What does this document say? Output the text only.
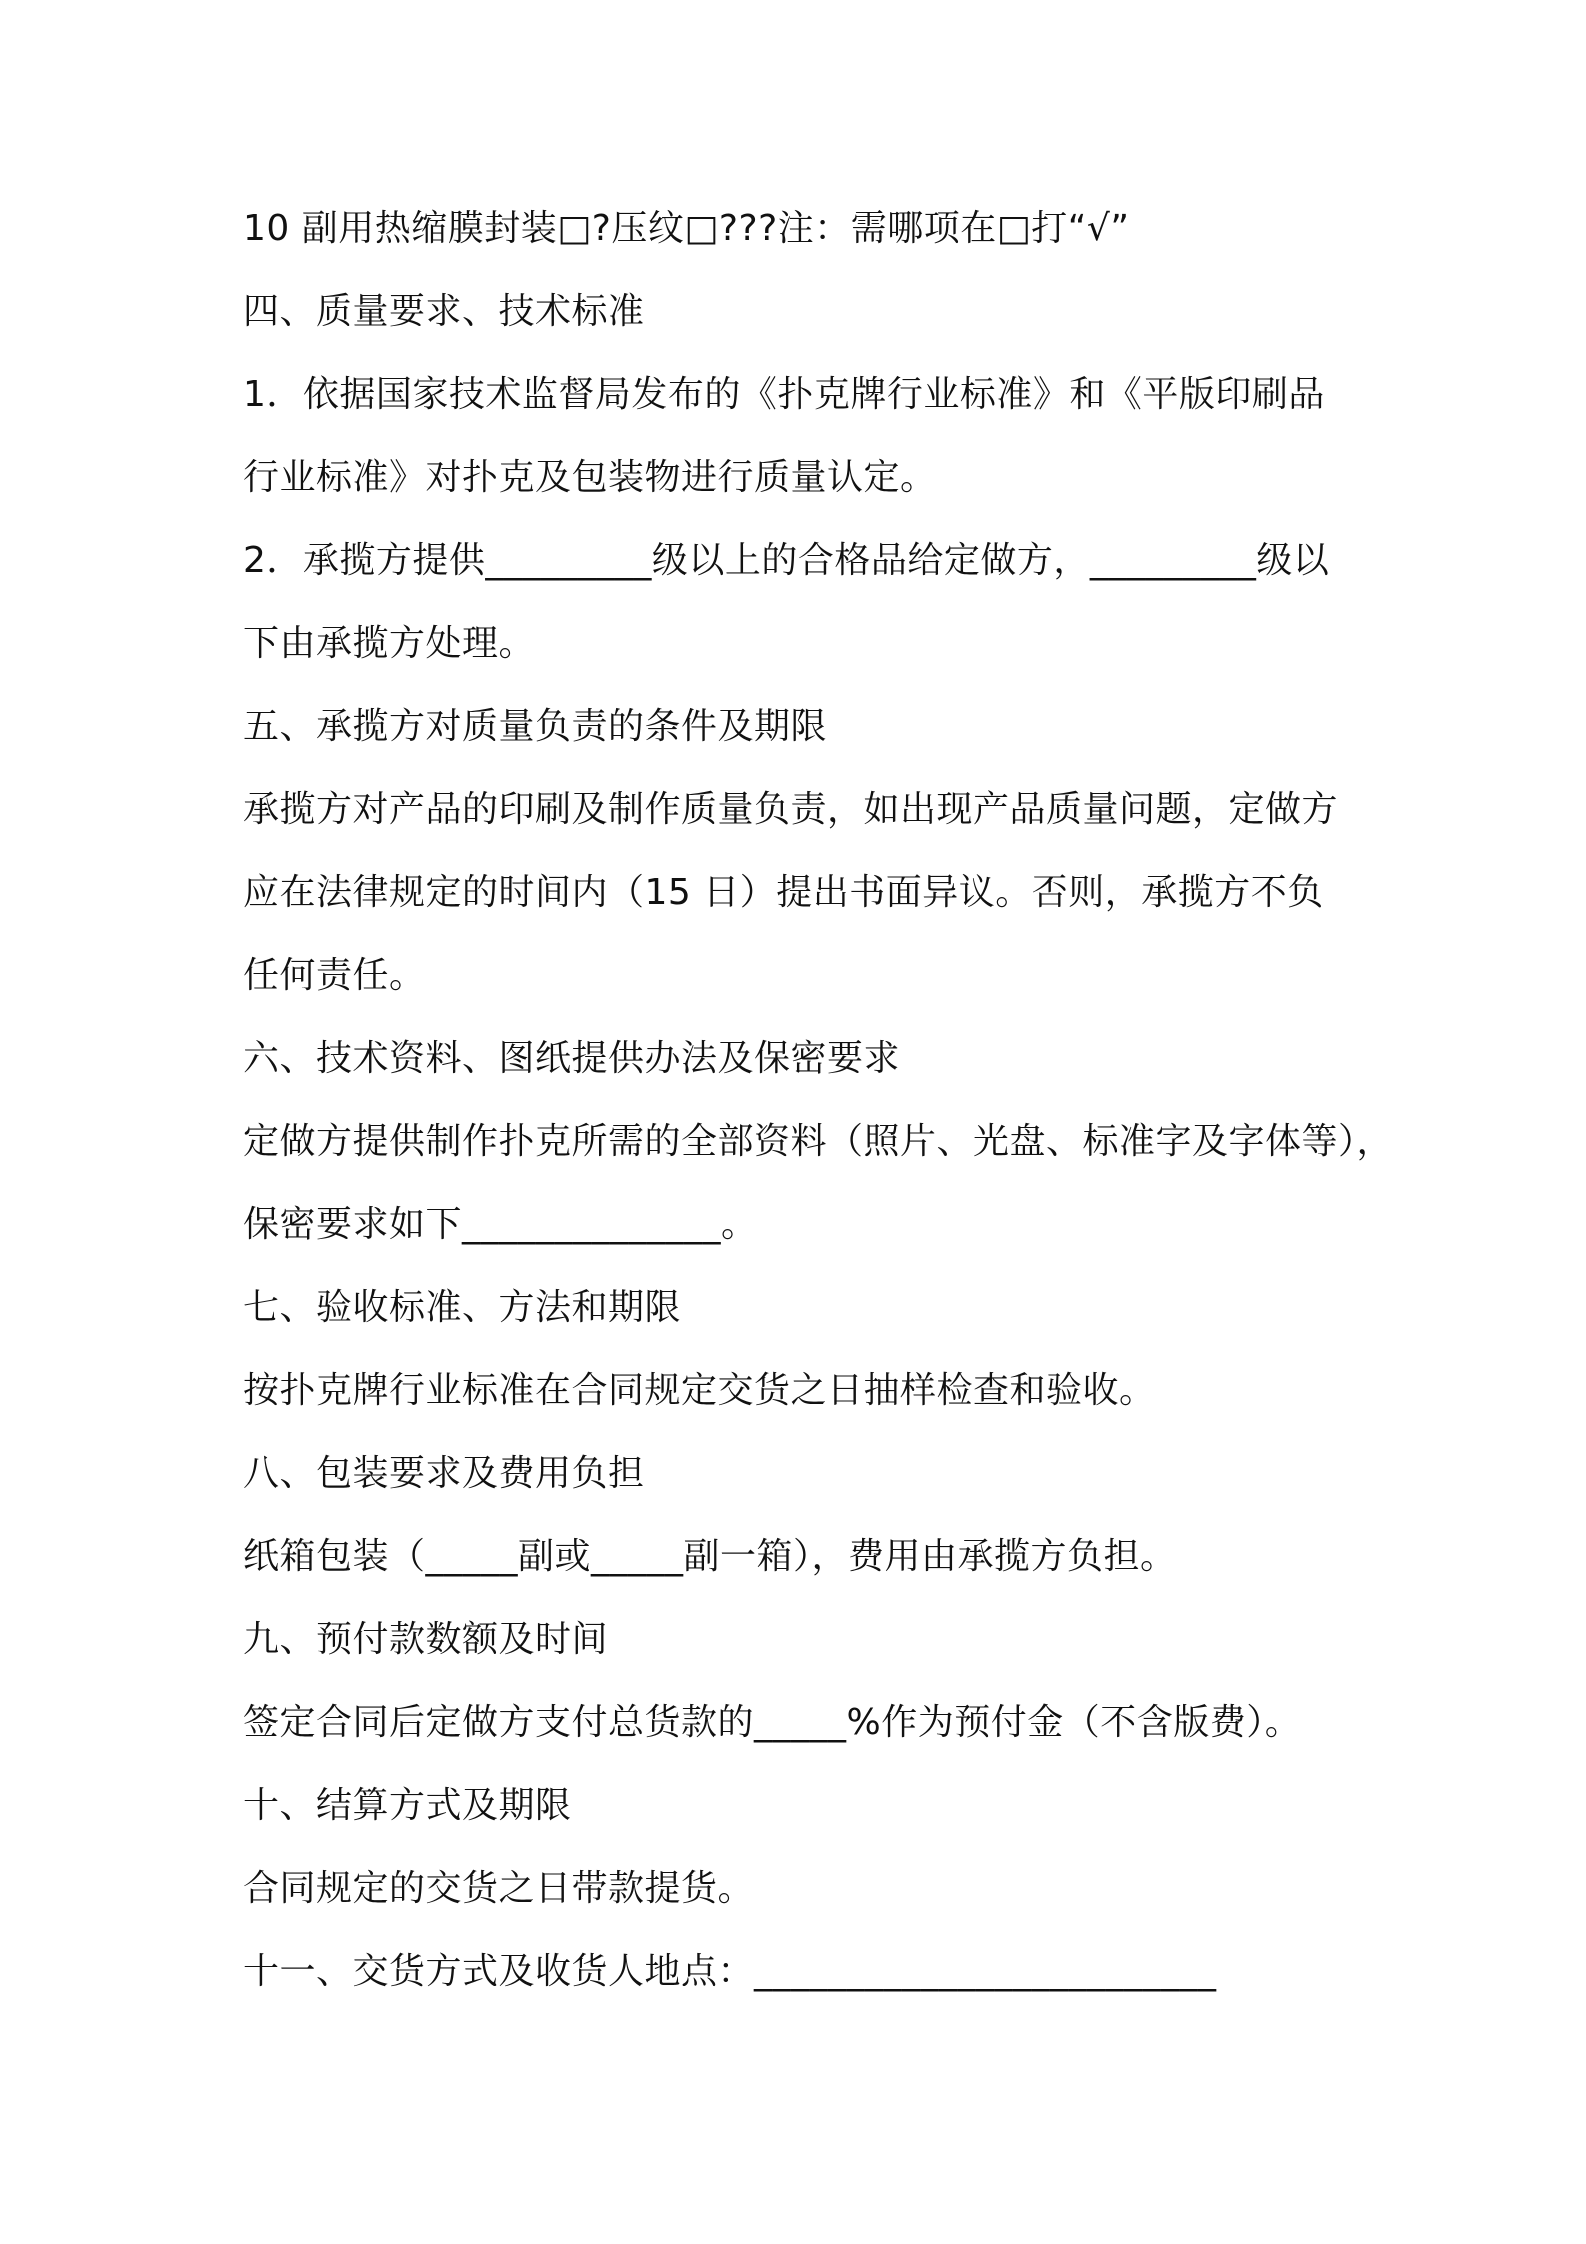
10 副用热缩膜封装□?压纹□???注：需哪项在□打“√”
四、质量要求、技术标准
1．依据国家技术监督局发布的《扑克牌行业标准》和《平版印刷品
行业标准》对扑克及包装物进行质量认定。
2．承揽方提供_________级以上的合格品给定做方，_________级以
下由承揽方处理。
五、承揽方对质量负责的条件及期限
承揽方对产品的印刷及制作质量负责，如出现产品质量问题，定做方
应在法律规定的时间内（15 日）提出书面异议。否则，承揽方不负
任何责任。
六、技术资料、图纸提供办法及保密要求
定做方提供制作扑克所需的全部资料（照片、光盘、标准字及字体等），
保密要求如下______________。
七、验收标准、方法和期限
按扑克牌行业标准在合同规定交货之日抽样检查和验收。
八、包装要求及费用负担
纸箱包装（_____副或_____副一箱），费用由承揽方负担。
九、预付款数额及时间
签定合同后定做方支付总货款的_____%作为预付金（不含版费）。
十、结算方式及期限
合同规定的交货之日带款提货。
十一、交货方式及收货人地点：_________________________
